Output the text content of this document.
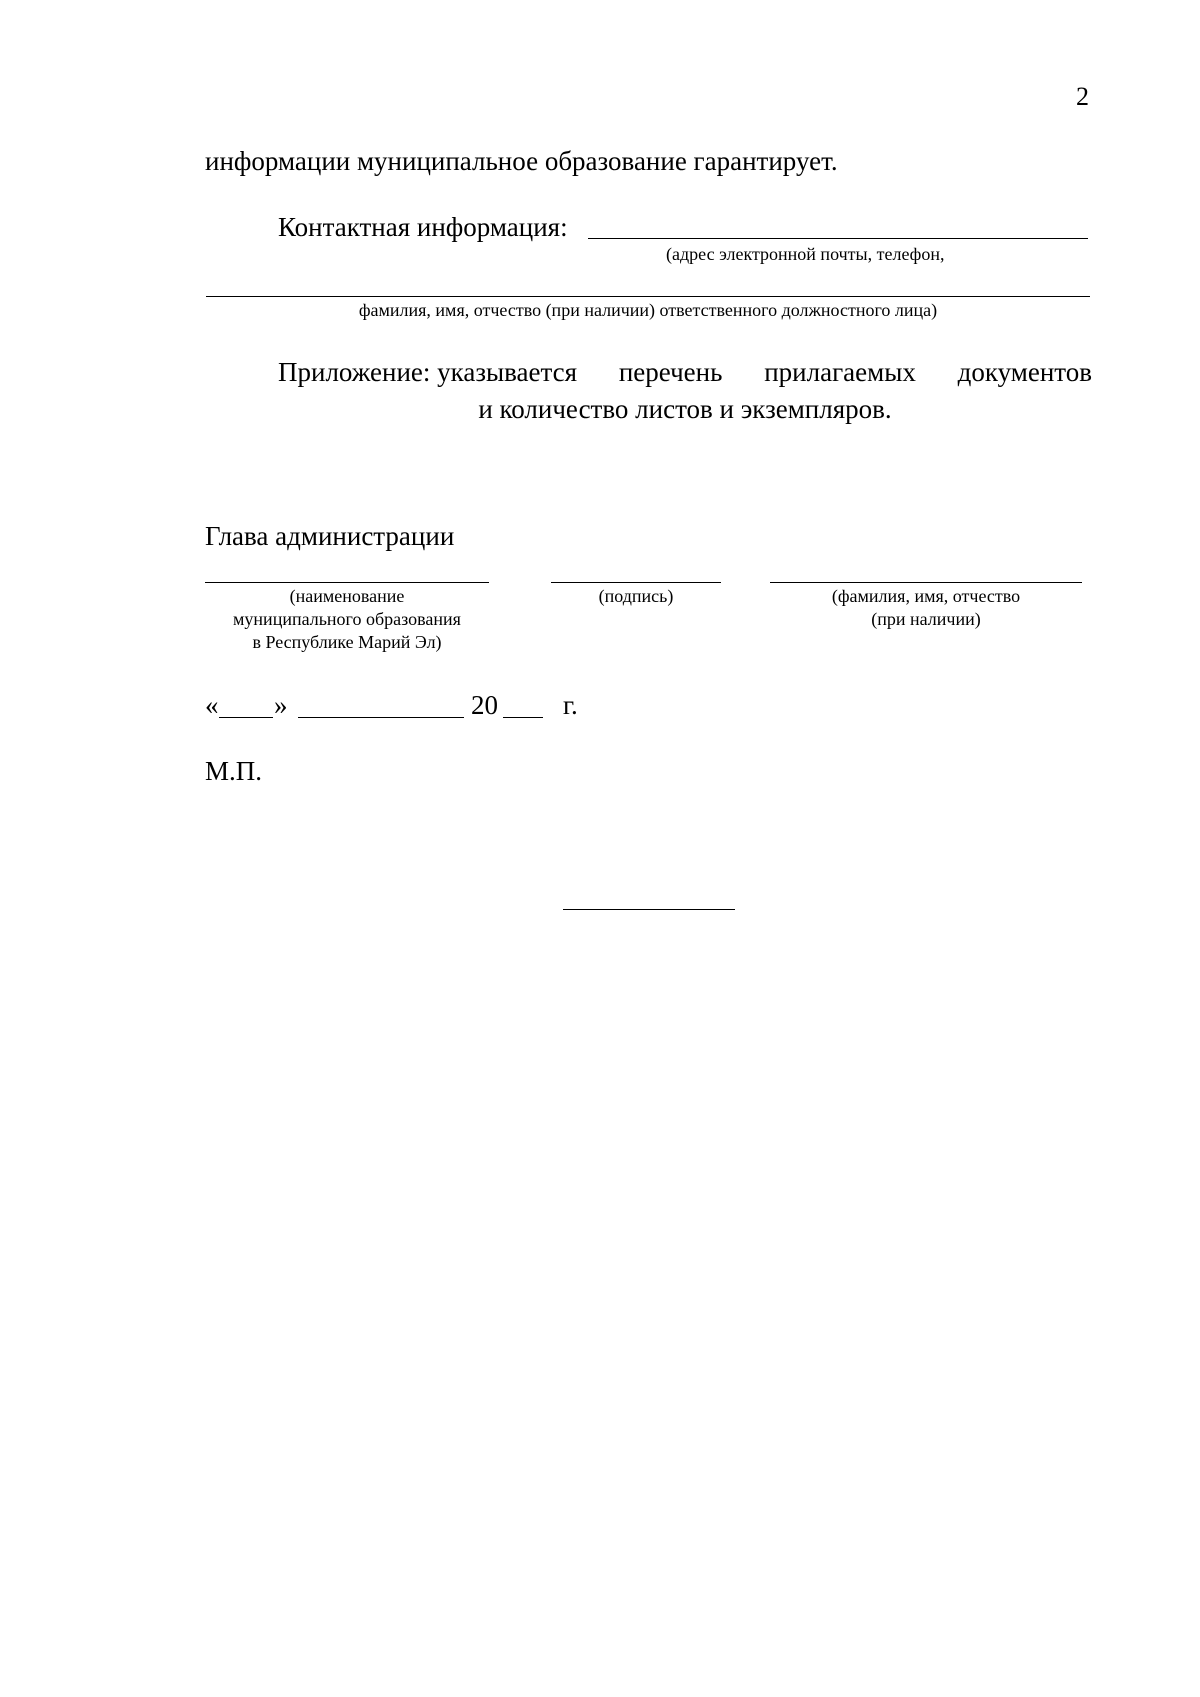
2
информации муниципальное образование гарантирует.
Контактная информация:
(адрес электронной почты, телефон,
фамилия, имя, отчество (при наличии) ответственного должностного лица)
Приложение: указывается перечень прилагаемых документов
и количество листов и экземпляров.
Глава администрации
(наименование
муниципального образования
в Республике Марий Эл)
(подпись)	(фамилия, имя, отчество
(при наличии)
« »	20 г.
М.П.
